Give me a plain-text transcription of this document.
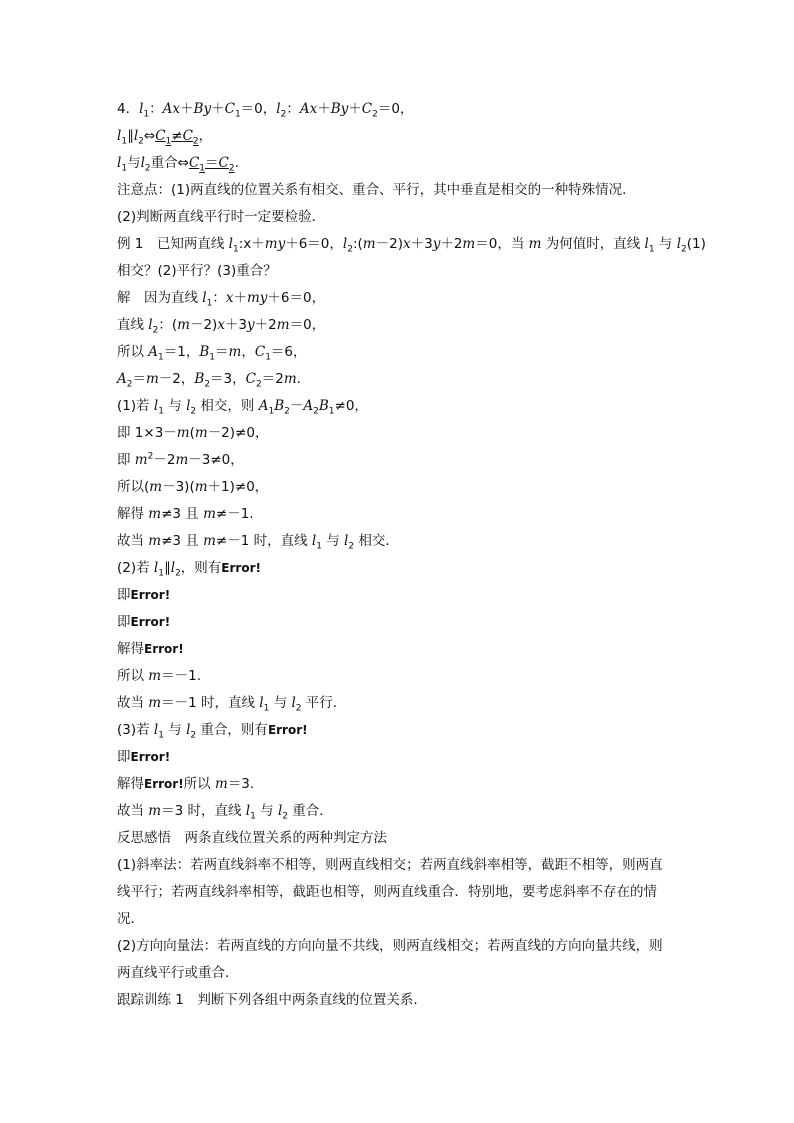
4．$l_1$：$Ax+By+C_1=0$，$l_2$：$Ax+By+C_2=0$，
$l_1\parallel l_2\Leftrightarrow C_1\ne C_2$，
$l_1$与$l_2$重合$\Leftrightarrow C_1=C_2$.
注意点：(1)两直线的位置关系有相交、重合、平行，其中垂直是相交的一种特殊情况．
(2)判断两直线平行时一定要检验．
例 1　已知两直线 $l_1:x+my+6=0$，$l_2:(m-2)x+3y+2m=0$，当 m 为何值时，直线 $l_1$ 与 $l_2(1)$
相交？(2)平行？(3)重合？
解　因为直线 $l_1$：x＋my＋6＝0，
直线 $l_2$：(m－2)x＋3y＋2m＝0，
所以 $A_1=1$，$B_1=m$，$C_1=6$，
$A_2=m-2$，$B_2=3$，$C_2=2m$.
(1)若 $l_1$ 与 $l_2$ 相交，则 $A_1B_2-A_2B_1\ne 0$，
即 1×3－m(m－2)≠0，
即 $m^2-2m-3\ne 0$，
所以(m－3)(m＋1)≠0，
解得 m≠3 且 m≠－1.
故当 m≠3 且 m≠－1 时，直线 $l_1$ 与 $l_2$ 相交．
(2)若 $l_1\parallel l_2$，则有Error!
即Error!
即Error!
解得Error!
所以 m＝－1.
故当 m＝－1 时，直线 $l_1$ 与 $l_2$ 平行．
(3)若 $l_1$ 与 $l_2$ 重合，则有Error!
即Error!
解得Error!所以 m＝3.
故当 m＝3 时，直线 $l_1$ 与 $l_2$ 重合．
反思感悟　两条直线位置关系的两种判定方法
(1)斜率法：若两直线斜率不相等，则两直线相交；若两直线斜率相等，截距不相等，则两直
线平行；若两直线斜率相等，截距也相等，则两直线重合．特别地，要考虑斜率不存在的情
况．
(2)方向向量法：若两直线的方向向量不共线，则两直线相交；若两直线的方向向量共线，则
两直线平行或重合．
跟踪训练 1　判断下列各组中两条直线的位置关系．
